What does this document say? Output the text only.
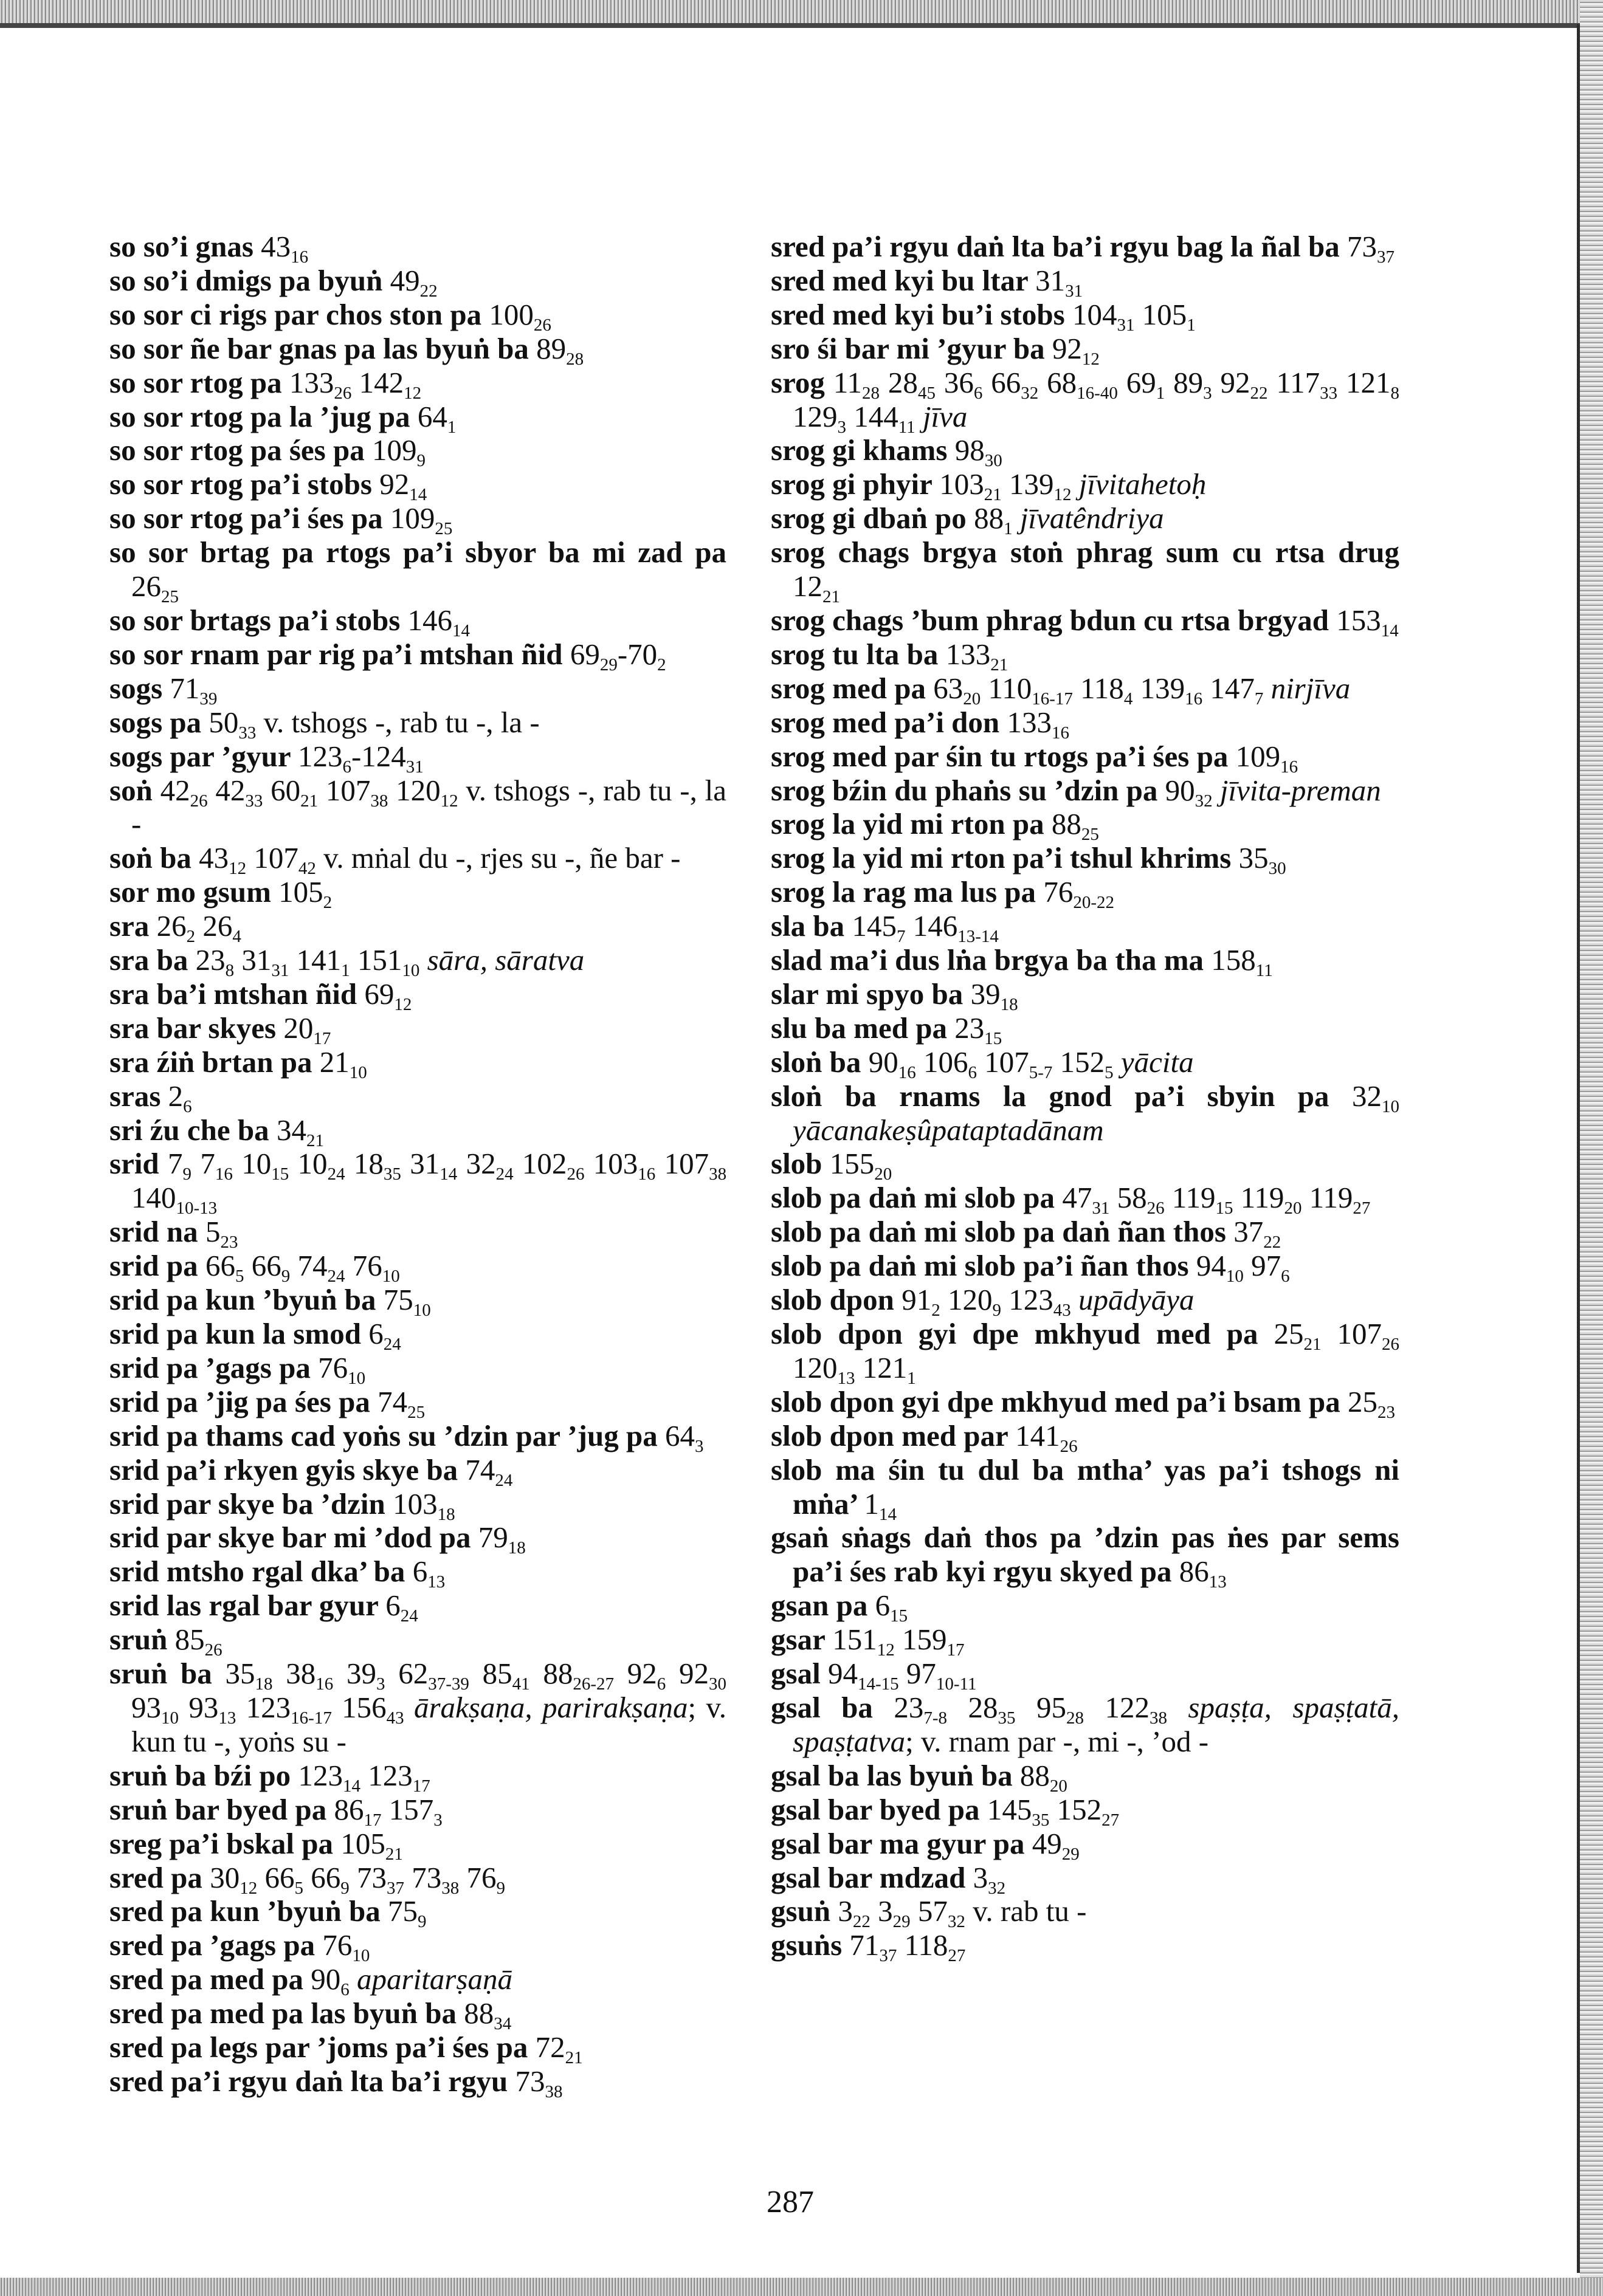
so so’i gnas $43_{16}$
so so’i dmigs pa byuṅ $49_{22}$
so sor ci rigs par chos ston pa $100_{26}$
so sor ñe bar gnas pa las byuṅ ba $89_{28}$
so sor rtog pa $133_{26}$ $142_{12}$
so sor rtog pa la ’jug pa $64_1$
so sor rtog pa śes pa $109_9$
so sor rtog pa’i stobs $92_{14}$
so sor rtog pa’i śes pa $109_{25}$
so sor brtag pa rtogs pa’i sbyor ba mi zad pa $26_{25}$
so sor brtags pa’i stobs $146_{14}$
so sor rnam par rig pa’i mtshan ñid $69_{29}-70_2$
sogs $71_{39}$
sogs pa $50_{33}$ v. tshogs -, rab tu -, la -
sogs par ’gyur $123_6-124_{31}$
soṅ $42_{26}$ $42_{33}$ $60_{21}$ $107_{38}$ $120_{12}$ v. tshogs -, rab tu -, la -
soṅ ba $43_{12}$ $107_{42}$ v. mṅal du -, rjes su -, ñe bar -
sor mo gsum $105_2$
sra $26_2$ $26_4$
sra ba $23_8$ $31_{31}$ $141_1$ $151_{10}$ sāra, sāratva
sra ba’i mtshan ñid $69_{12}$
sra bar skyes $20_{17}$
sra źiṅ brtan pa $21_{10}$
sras $2_6$
sri źu che ba $34_{21}$
srid $7_9$ $7_{16}$ $10_{15}$ $10_{24}$ $18_{35}$ $31_{14}$ $32_{24}$ $102_{26}$ $103_{16}$ $107_{38}$ $140_{10-13}$
srid na $5_{23}$
srid pa $66_5$ $66_9$ $74_{24}$ $76_{10}$
srid pa kun ’byuṅ ba $75_{10}$
srid pa kun la smod $6_{24}$
srid pa ’gags pa $76_{10}$
srid pa ’jig pa śes pa $74_{25}$
srid pa thams cad yoṅs su ’dzin par ’jug pa $64_3$
srid pa’i rkyen gyis skye ba $74_{24}$
srid par skye ba ’dzin $103_{18}$
srid par skye bar mi ’dod pa $79_{18}$
srid mtsho rgal dka’ ba $6_{13}$
srid las rgal bar gyur $6_{24}$
sruṅ $85_{26}$
sruṅ ba $35_{18}$ $38_{16}$ $39_3$ $62_{37-39}$ $85_{41}$ $88_{26-27}$ $92_6$ $92_{30}$ $93_{10}$ $93_{13}$ $123_{16-17}$ $156_{43}$ ārakṣaṇa, parirakṣaṇa; v. kun tu -, yoṅs su -
sruṅ ba bźi po $123_{14}$ $123_{17}$
sruṅ bar byed pa $86_{17}$ $157_3$
sreg pa’i bskal pa $105_{21}$
sred pa $30_{12}$ $66_5$ $66_9$ $73_{37}$ $73_{38}$ $76_9$
sred pa kun ’byuṅ ba $75_9$
sred pa ’gags pa $76_{10}$
sred pa med pa $90_6$ aparitarṣaṇā
sred pa med pa las byuṅ ba $88_{34}$
sred pa legs par ’joms pa’i śes pa $72_{21}$
sred pa’i rgyu daṅ lta ba’i rgyu $73_{38}$
sred pa’i rgyu daṅ lta ba’i rgyu bag la ñal ba $73_{37}$
sred med kyi bu ltar $31_{31}$
sred med kyi bu’i stobs $104_{31}$ $105_1$
sro śi bar mi ’gyur ba $92_{12}$
srog $11_{28}$ $28_{45}$ $36_6$ $66_{32}$ $68_{16-40}$ $69_1$ $89_3$ $92_{22}$ $117_{33}$ $121_8$ $129_3$ $144_{11}$ jīva
srog gi khams $98_{30}$
srog gi phyir $103_{21}$ $139_{12}$ jīvitahetoḥ
srog gi dbaṅ po $88_1$ jīvatêndriya
srog chags brgya stoṅ phrag sum cu rtsa drug $12_{21}$
srog chags ’bum phrag bdun cu rtsa brgyad $153_{14}$
srog tu lta ba $133_{21}$
srog med pa $63_{20}$ $110_{16-17}$ $118_4$ $139_{16}$ $147_7$ nirjīva
srog med pa’i don $133_{16}$
srog med par śin tu rtogs pa’i śes pa $109_{16}$
srog bźin du phaṅs su ’dzin pa $90_{32}$ jīvita-preman
srog la yid mi rton pa $88_{25}$
srog la yid mi rton pa’i tshul khrims $35_{30}$
srog la rag ma lus pa $76_{20-22}$
sla ba $145_7$ $146_{13-14}$
slad ma’i dus lṅa brgya ba tha ma $158_{11}$
slar mi spyo ba $39_{18}$
slu ba med pa $23_{15}$
sloṅ ba $90_{16}$ $106_6$ $107_{5-7}$ $152_5$ yācita
sloṅ ba rnams la gnod pa’i sbyin pa $32_{10}$ yācanakeṣûpataptadānam
slob $155_{20}$
slob pa daṅ mi slob pa $47_{31}$ $58_{26}$ $119_{15}$ $119_{20}$ $119_{27}$
slob pa daṅ mi slob pa daṅ ñan thos $37_{22}$
slob pa daṅ mi slob pa’i ñan thos $94_{10}$ $97_6$
slob dpon $91_2$ $120_9$ $123_{43}$ upādyāya
slob dpon gyi dpe mkhyud med pa $25_{21}$ $107_{26}$ $120_{13}$ $121_1$
slob dpon gyi dpe mkhyud med pa’i bsam pa $25_{23}$
slob dpon med par $141_{26}$
slob ma śin tu dul ba mtha’ yas pa’i tshogs ni mṅa’ $1_{14}$
gsaṅ sṅags daṅ thos pa ’dzin pas ṅes par sems pa’i śes rab kyi rgyu skyed pa $86_{13}$
gsan pa $6_{15}$
gsar $151_{12}$ $159_{17}$
gsal $94_{14-15}$ $97_{10-11}$
gsal ba $23_{7-8}$ $28_{35}$ $95_{28}$ $122_{38}$ spaṣṭa, spaṣṭatā, spaṣṭatva; v. rnam par -, mi -, ’od -
gsal ba las byuṅ ba $88_{20}$
gsal bar byed pa $145_{35}$ $152_{27}$
gsal bar ma gyur pa $49_{29}$
gsal bar mdzad $3_{32}$
gsuṅ $3_{22}$ $3_{29}$ $57_{32}$ v. rab tu -
gsuṅs $71_{37}$ $118_{27}$
287
